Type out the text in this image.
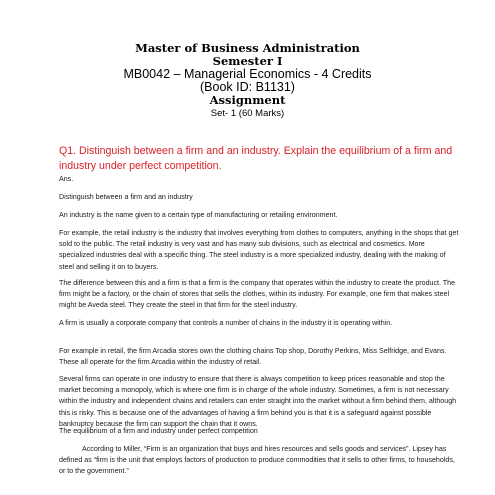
Master of Business Administration
Semester I
MB0042 – Managerial Economics - 4 Credits
(Book ID: B1131)
Assignment
Set- 1 (60 Marks)
Q1. Distinguish between a firm and an industry. Explain the equilibrium of a firm and industry under perfect competition.
Ans.
Distinguish between a firm and an industry
An industry is the name given to a certain type of manufacturing or retailing environment.
For example, the retail industry is the industry that involves everything from clothes to computers, anything in the shops that get sold to the public. The retail industry is very vast and has many sub divisions, such as electrical and cosmetics. More specialized industries deal with a specific thing. The steel industry is a more specialized industry, dealing with the making of steel and selling it on to buyers.
The difference between this and a firm is that a firm is the company that operates within the industry to create the product. The firm might be a factory, or the chain of stores that sells the clothes, within its industry. For example, one firm that makes steel might be Aveda steel. They create the steel in that firm for the steel industry.
A firm is usually a corporate company that controls a number of chains in the industry it is operating within.
For example in retail, the firm Arcadia stores own the clothing chains Top shop, Dorothy Perkins, Miss Selfridge, and Evans. These all operate for the firm Arcadia within the industry of retail.
Several firms can operate in one industry to ensure that there is always competition to keep prices reasonable and stop the market becoming a monopoly, which is where one firm is in charge of the whole industry. Sometimes, a firm is not necessary within the industry and independent chains and retailers can enter straight into the market without a firm behind them, although this is risky. This is because one of the advantages of having a firm behind you is that it is a safeguard against possible bankruptcy because the firm can support the chain that it owns.
The equilibrium of a firm and industry under perfect competition
According to Miller, “Firm is an organization that buys and hires resources and sells goods and services”. Lipsey has defined as “firm is the unit that employs factors of production to produce commodities that it sells to other firms, to households, or to the government.”
